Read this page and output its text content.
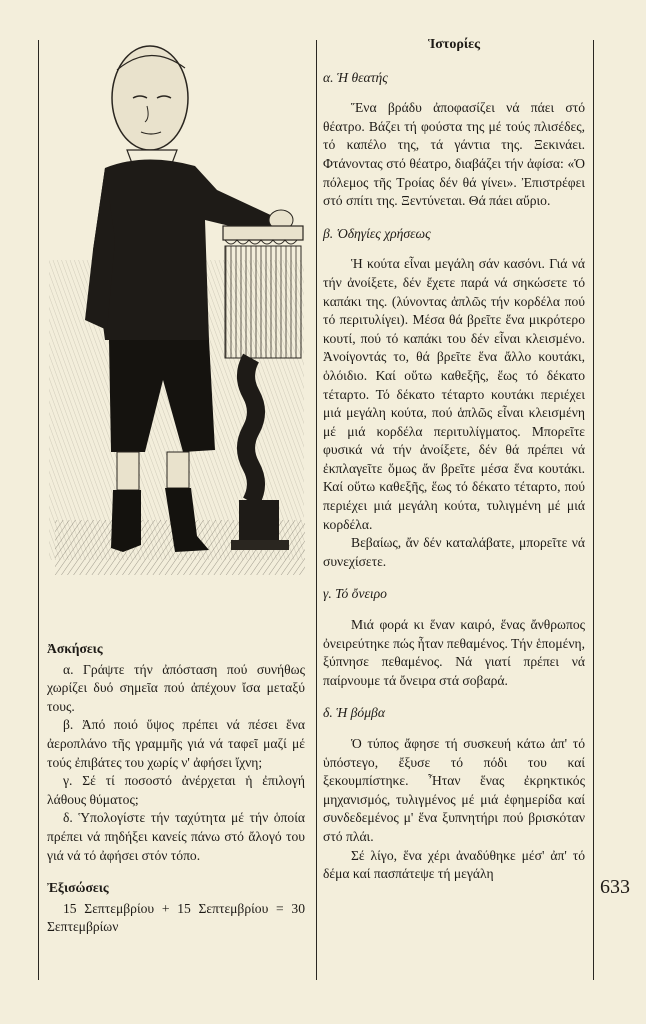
Ἀσκήσεις

α. Γράψτε τήν ἀπόσταση πού συνήθως χωρίζει δυό σημεῖα πού ἀπέχουν ἴσα μεταξύ τους.

β. Ἀπό ποιό ὕψος πρέπει νά πέσει ἕνα ἀεροπλάνο τῆς γραμμῆς γιά νά ταφεῖ μαζί μέ τούς ἐπιβάτες του χωρίς ν' ἀφήσει ἴχνη;

γ. Σέ τί ποσοστό ἀνέρχεται ἡ ἐπιλογή λάθους θύματος;

δ. Ὑπολογίστε τήν ταχύτητα μέ τήν ὁποία πρέπει νά πηδήξει κανείς πάνω στό ἄλογό του γιά νά τό ἀφήσει στόν τόπο.

Ἐξισώσεις

15 Σεπτεμβρίου + 15 Σεπτεμβρίου = 30 Σεπτεμβρίων

Ἱστορίες
α. Ἡ θεατής

Ἕνα βράδυ ἀποφασίζει νά πάει στό θέατρο. Βάζει τή φούστα της μέ τούς πλισέδες, τό καπέλο της, τά γάντια της. Ξεκινάει. Φτάνοντας στό θέατρο, διαβάζει τήν ἀφίσα: «Ὁ πόλεμος τῆς Τροίας δέν θά γίνει». Ἐπιστρέφει στό σπίτι της. Ξεντύνεται. Θά πάει αὔριο.

β. Ὁδηγίες χρήσεως

Ἡ κούτα εἶναι μεγάλη σάν κασόνι. Γιά νά τήν ἀνοίξετε, δέν ἔχετε παρά νά σηκώσετε τό καπάκι της. (λύνοντας ἁπλῶς τήν κορδέλα πού τό περιτυλίγει). Μέσα θά βρεῖτε ἕνα μικρότερο κουτί, πού τό καπάκι του δέν εἶναι κλεισμένο. Ἀνοίγοντάς το, θά βρεῖτε ἕνα ἄλλο κουτάκι, ὁλόιδιο. Καί οὕτω καθεξῆς, ἕως τό δέκατο τέταρτο. Τό δέκατο τέταρτο κουτάκι περιέχει μιά μεγάλη κούτα, πού ἁπλῶς εἶναι κλεισμένη μέ μιά κορδέλα περιτυλίγματος. Μπορεῖτε φυσικά νά τήν ἀνοίξετε, δέν θά πρέπει νά ἐκπλαγεῖτε ὅμως ἄν βρεῖτε μέσα ἕνα κουτάκι. Καί οὕτω καθεξῆς, ἕως τό δέκατο τέταρτο, πού περιέχει μιά μεγάλη κούτα, τυλιγμένη μέ μιά κορδέλα.

Βεβαίως, ἄν δέν καταλάβατε, μπορεῖτε νά συνεχίσετε.

γ. Τό ὄνειρο

Μιά φορά κι ἕναν καιρό, ἕνας ἄνθρωπος ὀνειρεύτηκε πώς ἦταν πεθαμένος. Τήν ἑπομένη, ξύπνησε πεθαμένος. Νά γιατί πρέπει νά παίρνουμε τά ὄνειρα στά σοβαρά.

δ. Ἡ βόμβα

Ὁ τύπος ἄφησε τή συσκευή κάτω ἀπ' τό ὑπόστεγο, ἔξυσε τό πόδι του καί ξεκουμπίστηκε. Ἦταν ἕνας ἐκρηκτικός μηχανισμός, τυλιγμένος μέ μιά ἐφημερίδα καί συνδεδεμένος μ' ἕνα ξυπνητήρι πού βρισκόταν στό πλάι.

Σέ λίγο, ἕνα χέρι ἀναδύθηκε μέσ' ἀπ' τό δέμα καί πασπάτεψε τή μεγάλη

633
